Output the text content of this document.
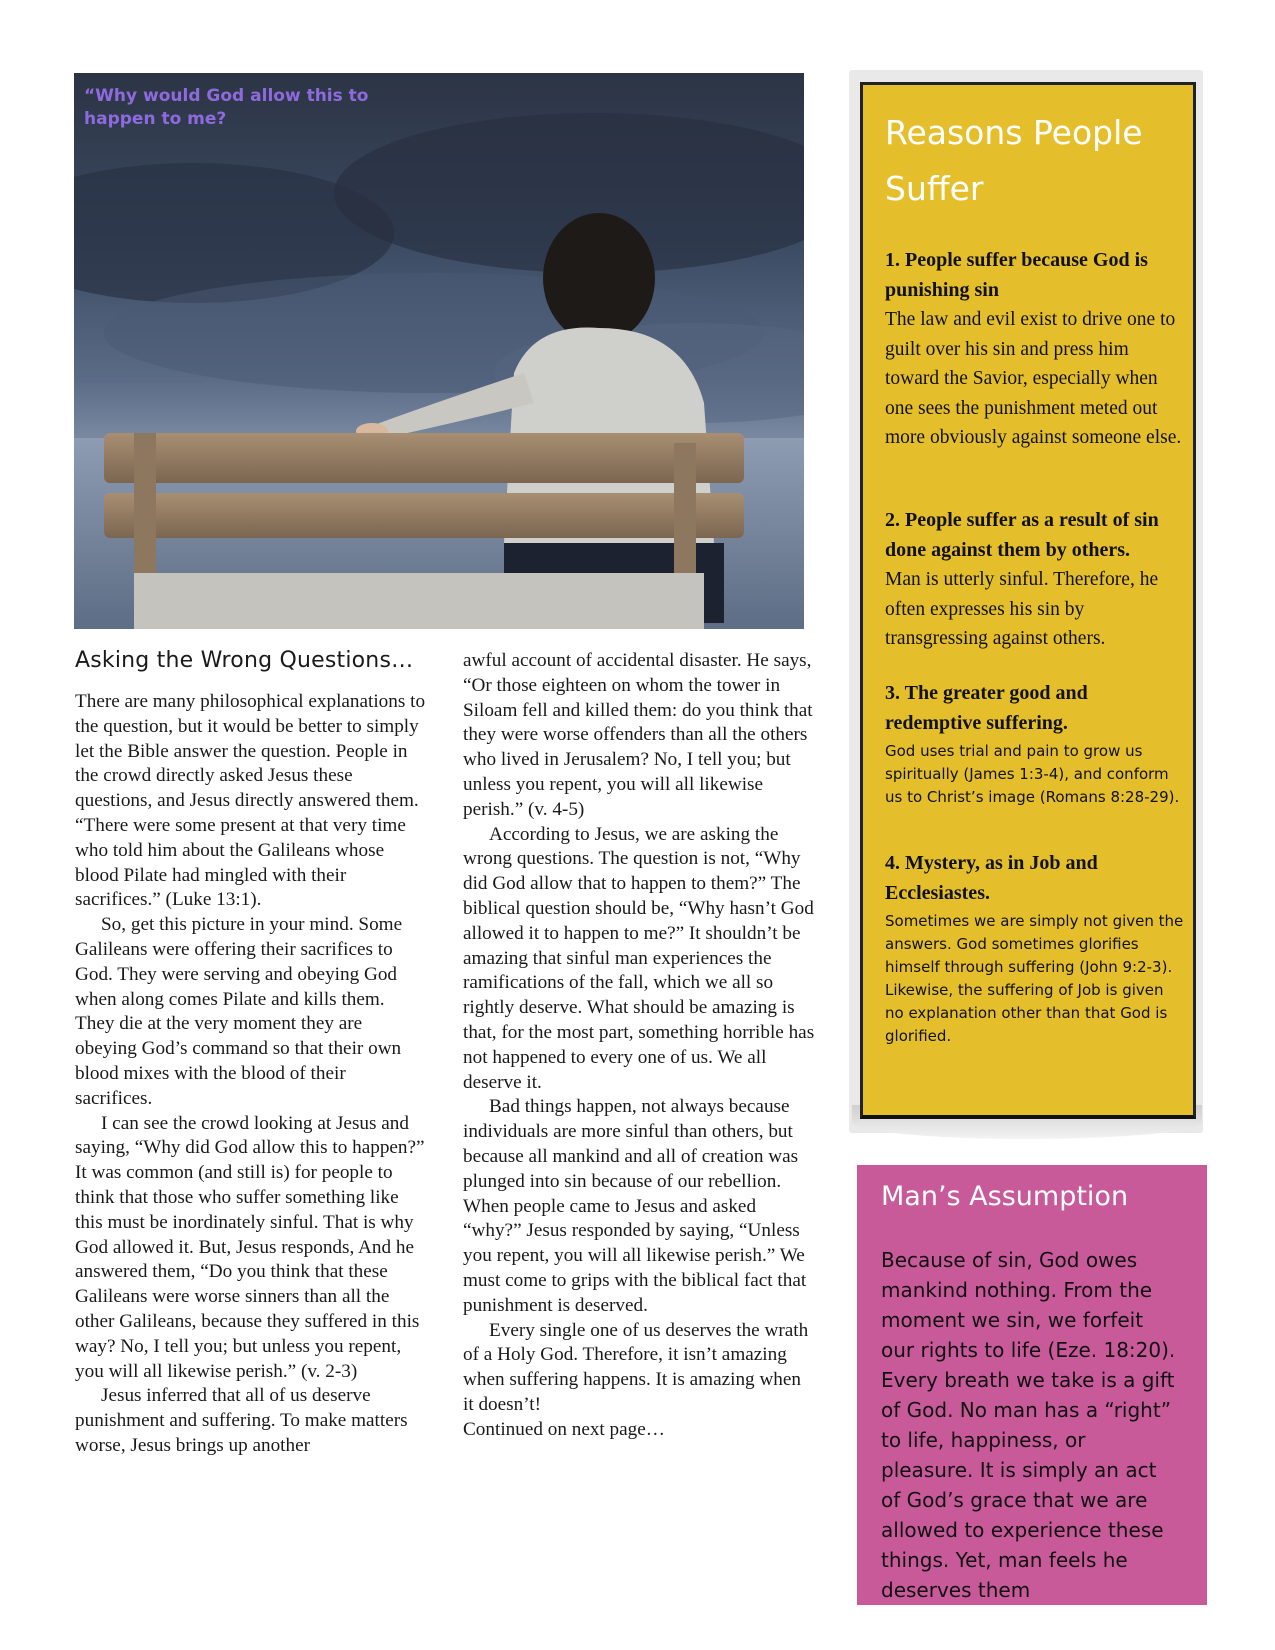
“Why would God allow this to happen to me?
Asking the Wrong Questions…

There are many philosophical explanations to the question, but it would be better to simply let the Bible answer the question. People in the crowd directly asked Jesus these questions, and Jesus directly answered them. “There were some present at that very time who told him about the Galileans whose blood Pilate had mingled with their sacrifices.” (Luke 13:1).

So, get this picture in your mind. Some Galileans were offering their sacrifices to God. They were serving and obeying God when along comes Pilate and kills them. They die at the very moment they are obeying God’s command so that their own blood mixes with the blood of their sacrifices.

I can see the crowd looking at Jesus and saying, “Why did God allow this to happen?” It was common (and still is) for people to think that those who suffer something like this must be inordinately sinful. That is why God allowed it. But, Jesus responds, And he answered them, “Do you think that these Galileans were worse sinners than all the other Galileans, because they suffered in this way? No, I tell you; but unless you repent, you will all likewise perish.” (v. 2-3)

Jesus inferred that all of us deserve punishment and suffering. To make matters worse, Jesus brings up another

awful account of accidental disaster. He says, “Or those eighteen on whom the tower in Siloam fell and killed them: do you think that they were worse offenders than all the others who lived in Jerusalem? No, I tell you; but unless you repent, you will all likewise perish.” (v. 4-5)

According to Jesus, we are asking the wrong questions. The question is not, “Why did God allow that to happen to them?” The biblical question should be, “Why hasn’t God allowed it to happen to me?” It shouldn’t be amazing that sinful man experiences the ramifications of the fall, which we all so rightly deserve. What should be amazing is that, for the most part, something horrible has not happened to every one of us. We all deserve it.

Bad things happen, not always because individuals are more sinful than others, but because all mankind and all of creation was plunged into sin because of our rebellion. When people came to Jesus and asked “why?” Jesus responded by saying, “Unless you repent, you will all likewise perish.” We must come to grips with the biblical fact that punishment is deserved.

Every single one of us deserves the wrath of a Holy God. Therefore, it isn’t amazing when suffering happens. It is amazing when it doesn’t!

Continued on next page…

Reasons People Suffer

1. People suffer because God is punishing sin

The law and evil exist to drive one to guilt over his sin and press him toward the Savior, especially when one sees the punishment meted out more obviously against someone else.

2. People suffer as a result of sin done against them by others.

Man is utterly sinful. Therefore, he often expresses his sin by transgressing against others.

3. The greater good and redemptive suffering.

God uses trial and pain to grow us spiritually (James 1:3-4), and conform us to Christ’s image (Romans 8:28-29).

4. Mystery, as in Job and Ecclesiastes.

Sometimes we are simply not given the answers. God sometimes glorifies himself through suffering (John 9:2-3). Likewise, the suffering of Job is given no explanation other than that God is glorified.

Man’s Assumption

Because of sin, God owes mankind nothing. From the moment we sin, we forfeit our rights to life (Eze. 18:20). Every breath we take is a gift of God. No man has a “right” to life, happiness, or pleasure. It is simply an act of God’s grace that we are allowed to experience these things. Yet, man feels he deserves them
